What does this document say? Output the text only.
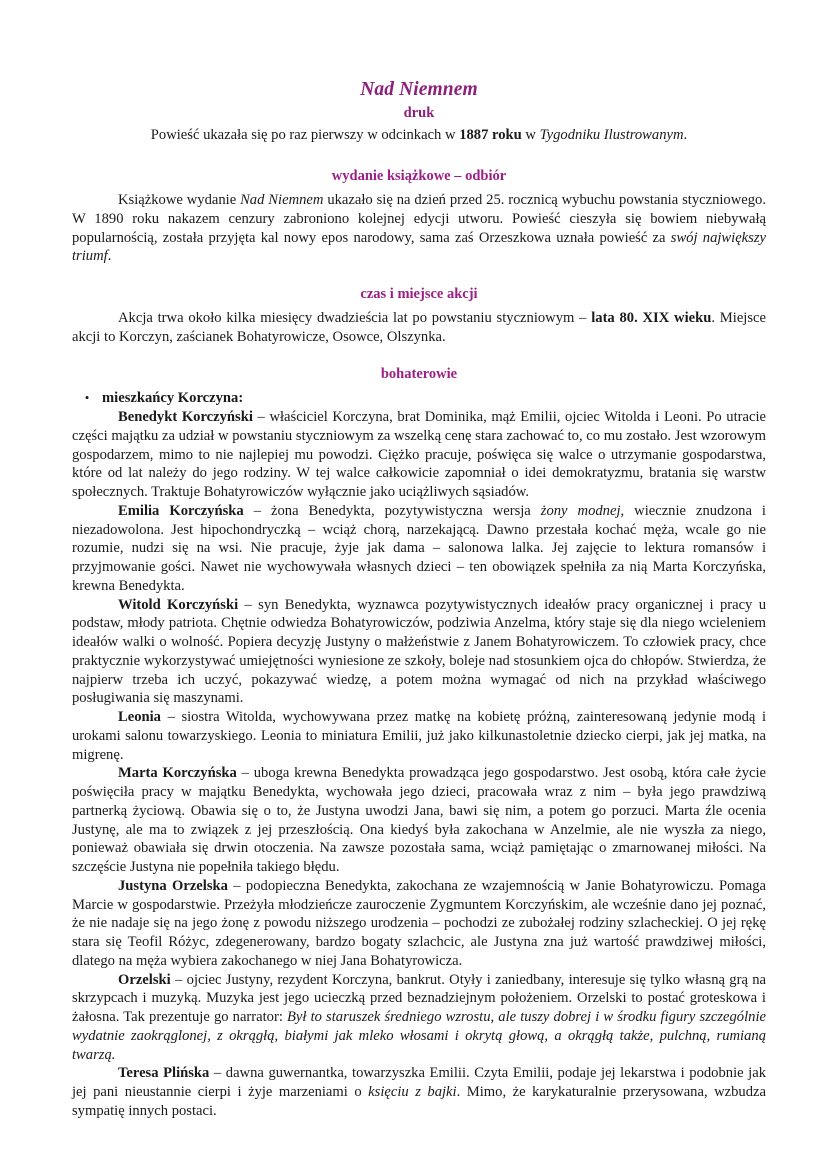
Nad Niemnem
druk

Powieść ukazała się po raz pierwszy w odcinkach w 1887 roku w Tygodniku Ilustrowanym.

wydanie książkowe – odbiór

Książkowe wydanie Nad Niemnem ukazało się na dzień przed 25. rocznicą wybuchu powstania styczniowego. W 1890 roku nakazem cenzury zabroniono kolejnej edycji utworu. Powieść cieszyła się bowiem niebywałą popularnością, została przyjęta kal nowy epos narodowy, sama zaś Orzeszkowa uznała powieść za swój największy triumf.

czas i miejsce akcji

Akcja trwa około kilka miesięcy dwadzieścia lat po powstaniu styczniowym – lata 80. XIX wieku. Miejsce akcji to Korczyn, zaścianek Bohatyrowicze, Osowce, Olszynka.

bohaterowie
• mieszkańcy Korczyna:

Benedykt Korczyński – właściciel Korczyna, brat Dominika, mąż Emilii, ojciec Witolda i Leoni. Po utracie części majątku za udział w powstaniu styczniowym za wszelką cenę stara zachować to, co mu zostało. Jest wzorowym gospodarzem, mimo to nie najlepiej mu powodzi. Ciężko pracuje, poświęca się walce o utrzymanie gospodarstwa, które od lat należy do jego rodziny. W tej walce całkowicie zapomniał o idei demokratyzmu, bratania się warstw społecznych. Traktuje Bohatyrowiczów wyłącznie jako uciążliwych sąsiadów.

Emilia Korczyńska – żona Benedykta, pozytywistyczna wersja żony modnej, wiecznie znudzona i niezadowolona. Jest hipochondryczką – wciąż chorą, narzekającą. Dawno przestała kochać męża, wcale go nie rozumie, nudzi się na wsi. Nie pracuje, żyje jak dama – salonowa lalka. Jej zajęcie to lektura romansów i przyjmowanie gości. Nawet nie wychowywała własnych dzieci – ten obowiązek spełniła za nią Marta Korczyńska, krewna Benedykta.

Witold Korczyński – syn Benedykta, wyznawca pozytywistycznych ideałów pracy organicznej i pracy u podstaw, młody patriota. Chętnie odwiedza Bohatyrowiczów, podziwia Anzelma, który staje się dla niego wcieleniem ideałów walki o wolność. Popiera decyzję Justyny o małżeństwie z Janem Bohatyrowiczem. To człowiek pracy, chce praktycznie wykorzystywać umiejętności wyniesione ze szkoły, boleje nad stosunkiem ojca do chłopów. Stwierdza, że najpierw trzeba ich uczyć, pokazywać wiedzę, a potem można wymagać od nich na przykład właściwego posługiwania się maszynami.

Leonia – siostra Witolda, wychowywana przez matkę na kobietę próżną, zainteresowaną jedynie modą i urokami salonu towarzyskiego. Leonia to miniatura Emilii, już jako kilkunastoletnie dziecko cierpi, jak jej matka, na migrenę.

Marta Korczyńska – uboga krewna Benedykta prowadząca jego gospodarstwo. Jest osobą, która całe życie poświęciła pracy w majątku Benedykta, wychowała jego dzieci, pracowała wraz z nim – była jego prawdziwą partnerką życiową. Obawia się o to, że Justyna uwodzi Jana, bawi się nim, a potem go porzuci. Marta źle ocenia Justynę, ale ma to związek z jej przeszłością. Ona kiedyś była zakochana w Anzelmie, ale nie wyszła za niego, ponieważ obawiała się drwin otoczenia. Na zawsze pozostała sama, wciąż pamiętając o zmarnowanej miłości. Na szczęście Justyna nie popełniła takiego błędu.

Justyna Orzelska – podopieczna Benedykta, zakochana ze wzajemnością w Janie Bohatyrowiczu. Pomaga Marcie w gospodarstwie. Przeżyła młodzieńcze zauroczenie Zygmuntem Korczyńskim, ale wcześnie dano jej poznać, że nie nadaje się na jego żonę z powodu niższego urodzenia – pochodzi ze zubożałej rodziny szlacheckiej. O jej rękę stara się Teofil Różyc, zdegenerowany, bardzo bogaty szlachcic, ale Justyna zna już wartość prawdziwej miłości, dlatego na męża wybiera zakochanego w niej Jana Bohatyrowicza.

Orzelski – ojciec Justyny, rezydent Korczyna, bankrut. Otyły i zaniedbany, interesuje się tylko własną grą na skrzypcach i muzyką. Muzyka jest jego ucieczką przed beznadziejnym położeniem. Orzelski to postać groteskowa i żałosna. Tak prezentuje go narrator: Był to staruszek średniego wzrostu, ale tuszy dobrej i w środku figury szczególnie wydatnie zaokrąglonej, z okrągłą, białymi jak mleko włosami i okrytą głową, a okrągłą także, pulchną, rumianą twarzą.

Teresa Plińska – dawna guwernantka, towarzyszka Emilii. Czyta Emilii, podaje jej lekarstwa i podobnie jak jej pani nieustannie cierpi i żyje marzeniami o księciu z bajki. Mimo, że karykaturalnie przerysowana, wzbudza sympatię innych postaci.
